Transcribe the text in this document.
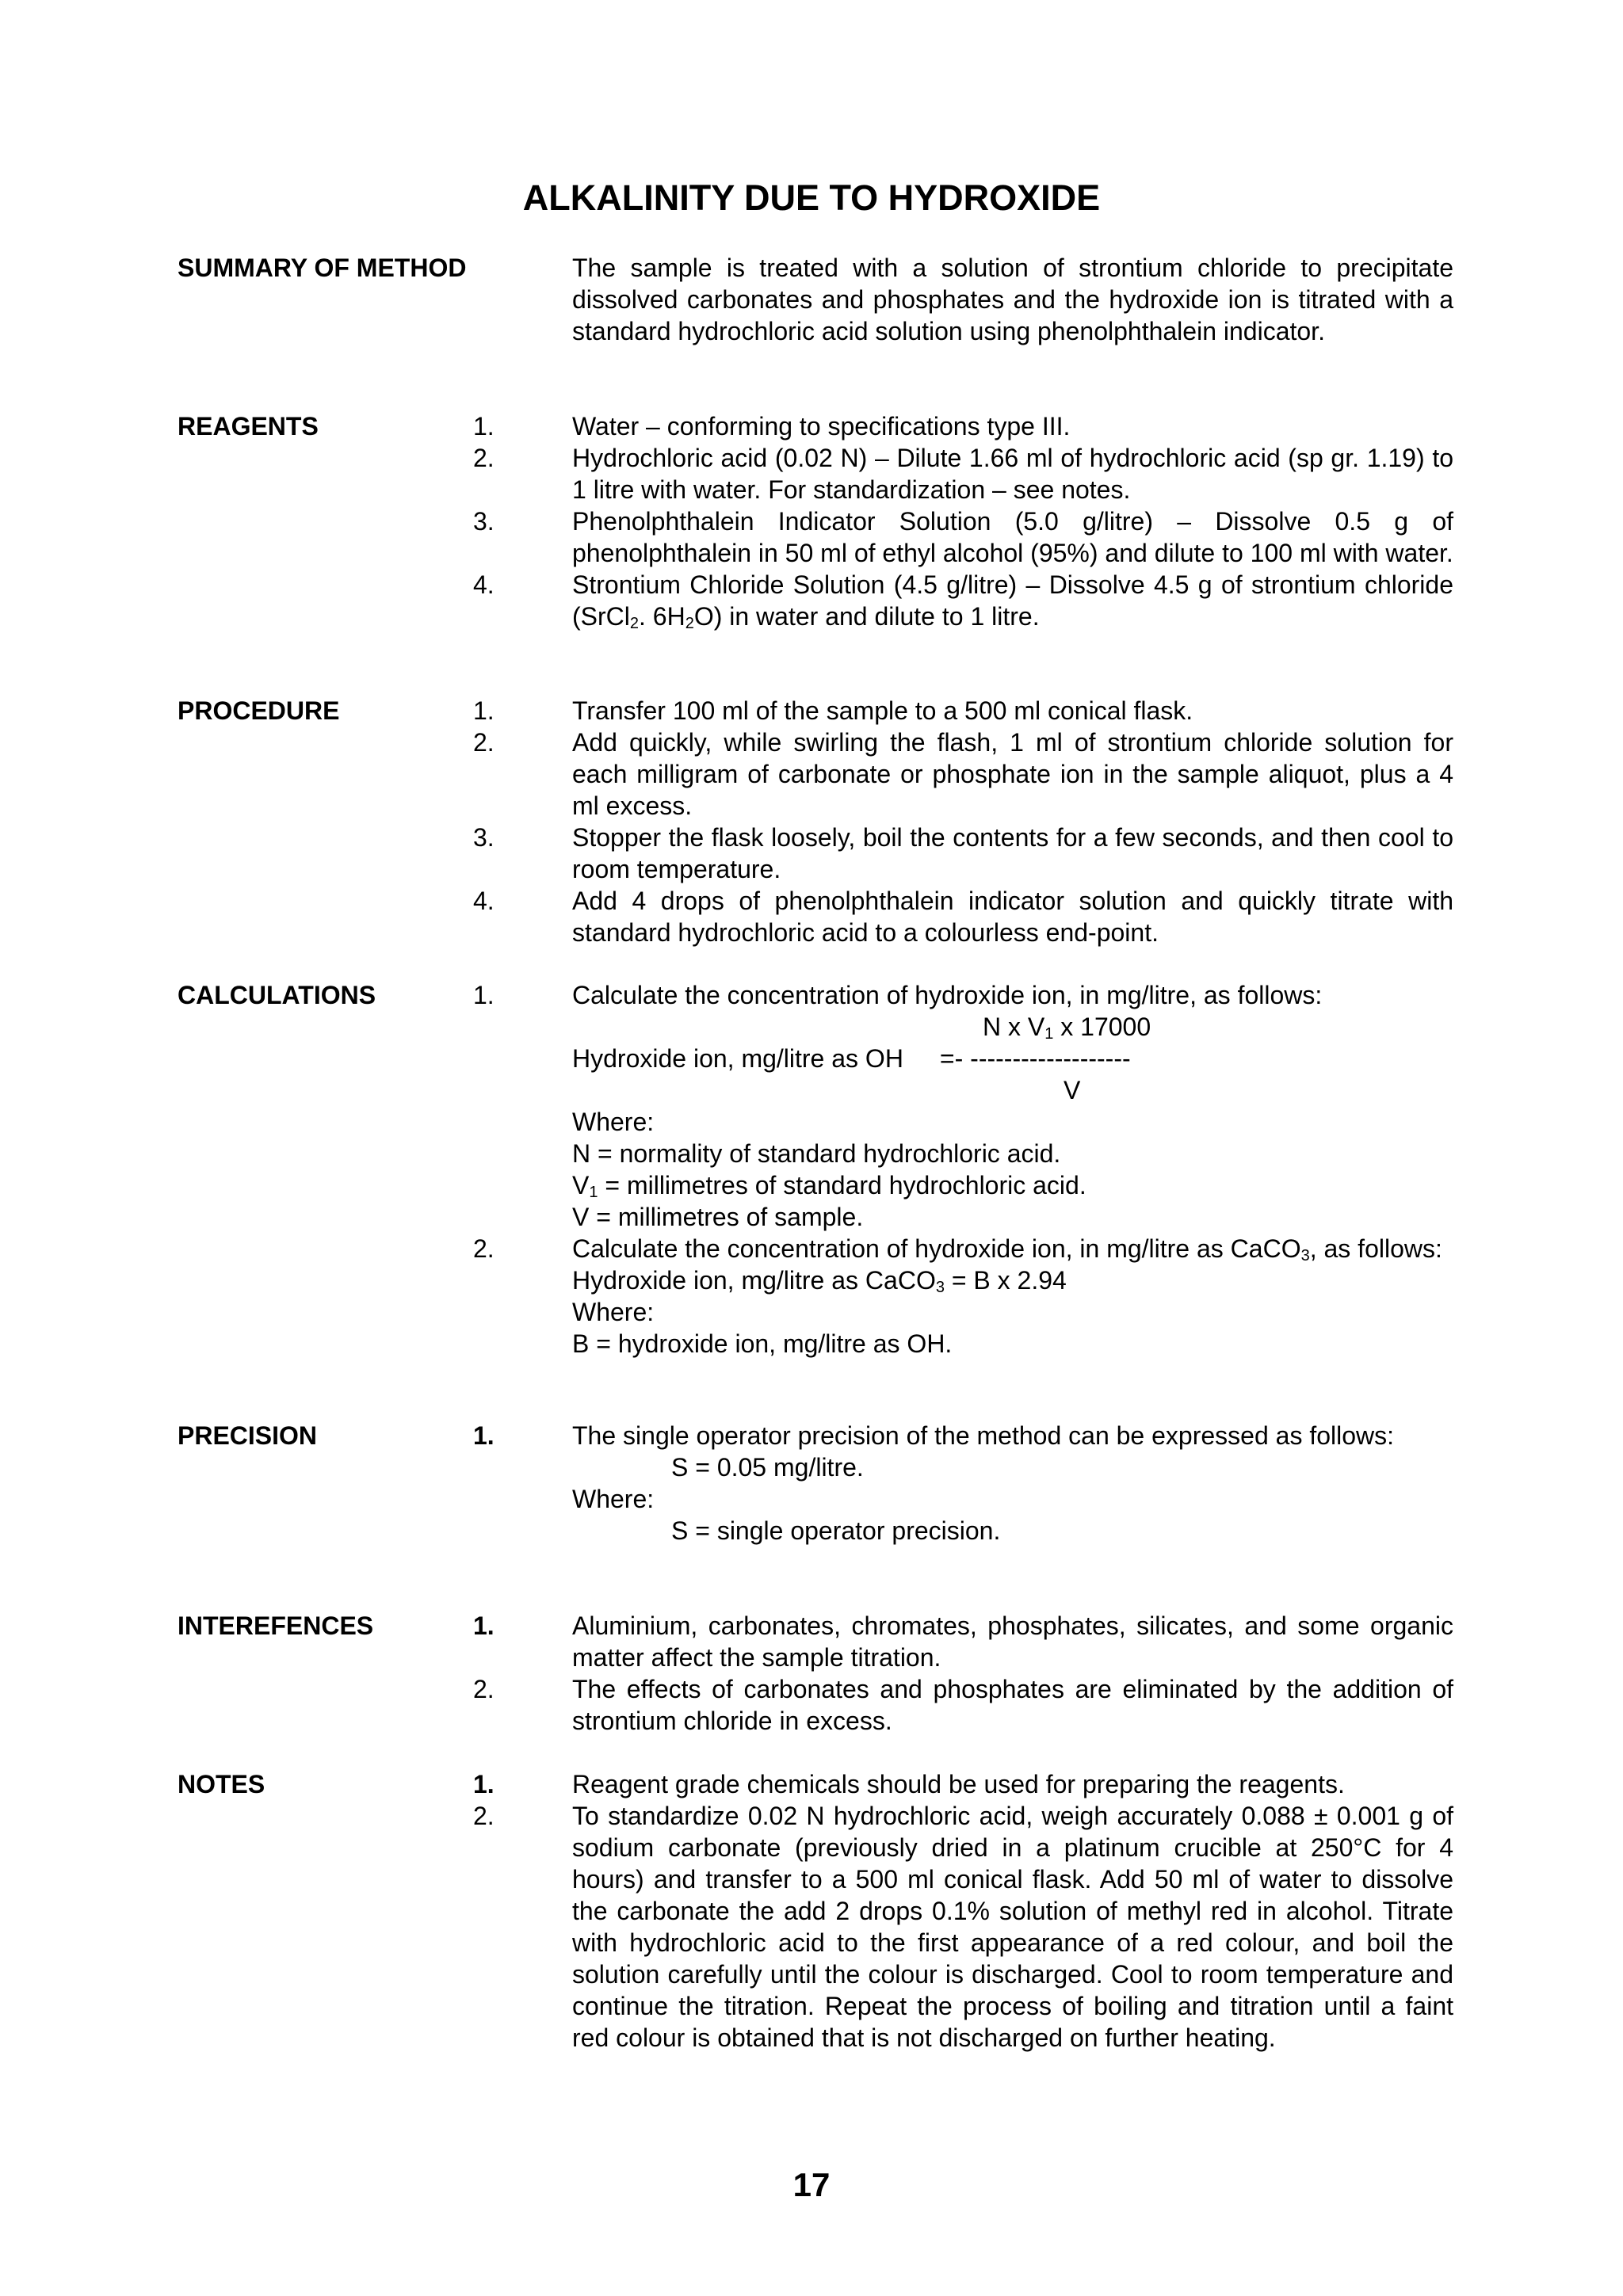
ALKALINITY DUE TO HYDROXIDE
SUMMARY OF METHOD	The sample is treated with a solution of strontium chloride to precipitate dissolved carbonates and phosphates and the hydroxide ion is titrated with a standard hydrochloric acid solution using phenolphthalein indicator.
REAGENTS	1.	Water – conforming to specifications type III.
2.	Hydrochloric acid (0.02 N) – Dilute 1.66 ml of hydrochloric acid (sp gr. 1.19) to 1 litre with water. For standardization – see notes.
3.	Phenolphthalein Indicator Solution (5.0 g/litre) – Dissolve 0.5 g of phenolphthalein in 50 ml of ethyl alcohol (95%) and dilute to 100 ml with water.
4.	Strontium Chloride Solution (4.5 g/litre) – Dissolve 4.5 g of strontium chloride (SrCl$_2$. $6H_2O$) in water and dilute to 1 litre.
PROCEDURE	1.	Transfer 100 ml of the sample to a 500 ml conical flask.
2.	Add quickly, while swirling the flash, 1 ml of strontium chloride solution for each milligram of carbonate or phosphate ion in the sample aliquot, plus a 4 ml excess.
3.	Stopper the flask loosely, boil the contents for a few seconds, and then cool to room temperature.
4.	Add 4 drops of phenolphthalein indicator solution and quickly titrate with standard hydrochloric acid to a colourless end-point.
CALCULATIONS	1.	Calculate the concentration of hydroxide ion, in mg/litre, as follows:
N x $V_1$ x 17000
Hydroxide ion, mg/litre as OH =- -------------------
V
Where:
N = normality of standard hydrochloric acid.
$V_1$ = millimetres of standard hydrochloric acid.
V = millimetres of sample.
2.	Calculate the concentration of hydroxide ion, in mg/litre as CaCO$_3$, as follows:
Hydroxide ion, mg/litre as CaCO$_3$ = B x 2.94
Where:
B = hydroxide ion, mg/litre as OH.
PRECISION	1.	The single operator precision of the method can be expressed as follows:
S = 0.05 mg/litre.
Where:
S = single operator precision.
INTEREFENCES	1.	Aluminium, carbonates, chromates, phosphates, silicates, and some organic matter affect the sample titration.
2.	The effects of carbonates and phosphates are eliminated by the addition of strontium chloride in excess.
NOTES	1.	Reagent grade chemicals should be used for preparing the reagents.
2.	To standardize 0.02 N hydrochloric acid, weigh accurately 0.088 ± 0.001 g of sodium carbonate (previously dried in a platinum crucible at 250°C for 4 hours) and transfer to a 500 ml conical flask. Add 50 ml of water to dissolve the carbonate the add 2 drops 0.1% solution of methyl red in alcohol. Titrate with hydrochloric acid to the first appearance of a red colour, and boil the solution carefully until the colour is discharged. Cool to room temperature and continue the titration. Repeat the process of boiling and titration until a faint red colour is obtained that is not discharged on further heating.
17
